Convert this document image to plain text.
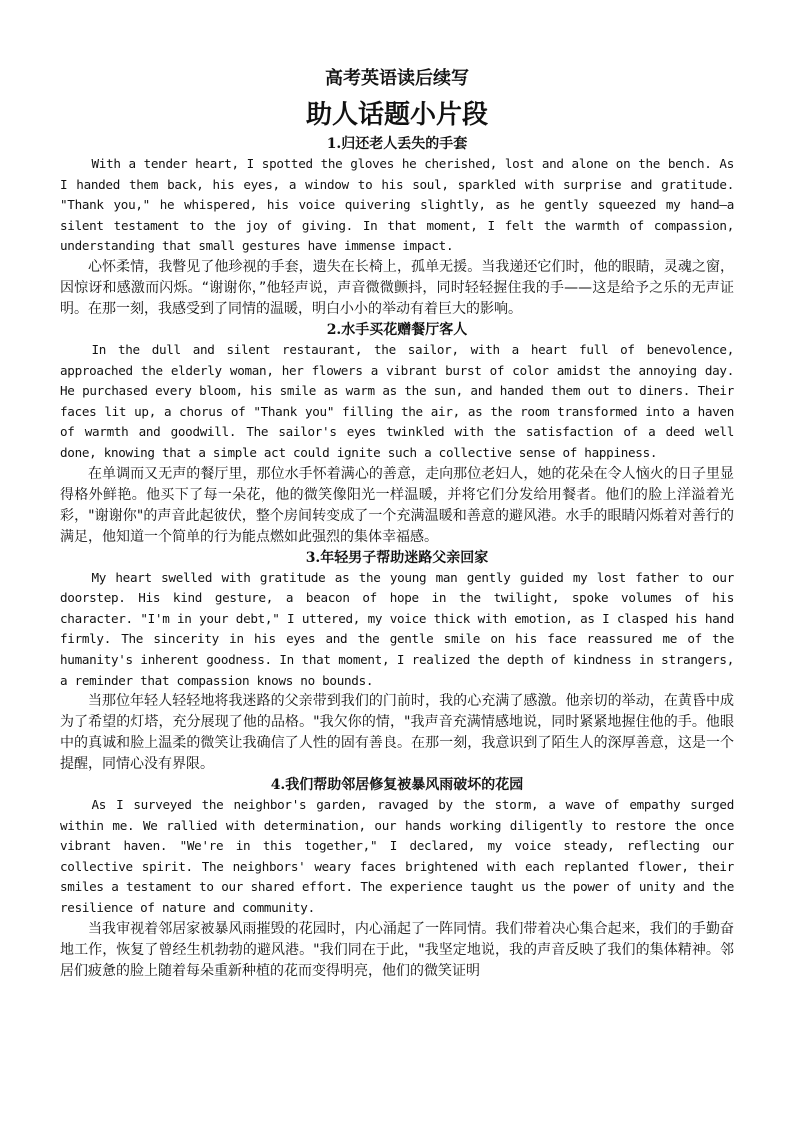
高考英语读后续写
助人话题小片段
1.归还老人丢失的手套

With a tender heart, I spotted the gloves he cherished, lost and alone on the bench. As I handed them back, his eyes, a window to his soul, sparkled with surprise and gratitude. "Thank you," he whispered, his voice quivering slightly, as he gently squeezed my hand—a silent testament to the joy of giving. In that moment, I felt the warmth of compassion, understanding that small gestures have immense impact.

心怀柔情，我瞥见了他珍视的手套，遗失在长椅上，孤单无援。当我递还它们时，他的眼睛，灵魂之窗，因惊讶和感激而闪烁。“谢谢你，”他轻声说，声音微微颤抖，同时轻轻握住我的手——这是给予之乐的无声证明。在那一刻，我感受到了同情的温暖，明白小小的举动有着巨大的影响。

2.水手买花赠餐厅客人

In the dull and silent restaurant, the sailor, with a heart full of benevolence, approached the elderly woman, her flowers a vibrant burst of color amidst the annoying day. He purchased every bloom, his smile as warm as the sun, and handed them out to diners. Their faces lit up, a chorus of "Thank you" filling the air, as the room transformed into a haven of warmth and goodwill. The sailor's eyes twinkled with the satisfaction of a deed well done, knowing that a simple act could ignite such a collective sense of happiness.

在单调而又无声的餐厅里，那位水手怀着满心的善意，走向那位老妇人，她的花朵在令人恼火的日子里显得格外鲜艳。他买下了每一朵花，他的微笑像阳光一样温暖，并将它们分发给用餐者。他们的脸上洋溢着光彩，"谢谢你"的声音此起彼伏，整个房间转变成了一个充满温暖和善意的避风港。水手的眼睛闪烁着对善行的满足，他知道一个简单的行为能点燃如此强烈的集体幸福感。

3.年轻男子帮助迷路父亲回家

My heart swelled with gratitude as the young man gently guided my lost father to our doorstep. His kind gesture, a beacon of hope in the twilight, spoke volumes of his character. "I'm in your debt," I uttered, my voice thick with emotion, as I clasped his hand firmly. The sincerity in his eyes and the gentle smile on his face reassured me of the humanity's inherent goodness. In that moment, I realized the depth of kindness in strangers, a reminder that compassion knows no bounds.

当那位年轻人轻轻地将我迷路的父亲带到我们的门前时，我的心充满了感激。他亲切的举动，在黄昏中成为了希望的灯塔，充分展现了他的品格。"我欠你的情，"我声音充满情感地说，同时紧紧地握住他的手。他眼中的真诚和脸上温柔的微笑让我确信了人性的固有善良。在那一刻，我意识到了陌生人的深厚善意，这是一个提醒，同情心没有界限。

4.我们帮助邻居修复被暴风雨破坏的花园

As I surveyed the neighbor's garden, ravaged by the storm, a wave of empathy surged within me. We rallied with determination, our hands working diligently to restore the once vibrant haven. "We're in this together," I declared, my voice steady, reflecting our collective spirit. The neighbors' weary faces brightened with each replanted flower, their smiles a testament to our shared effort. The experience taught us the power of unity and the resilience of nature and community.

当我审视着邻居家被暴风雨摧毁的花园时，内心涌起了一阵同情。我们带着决心集合起来，我们的手勤奋地工作，恢复了曾经生机勃勃的避风港。"我们同在于此，"我坚定地说，我的声音反映了我们的集体精神。邻居们疲惫的脸上随着每朵重新种植的花而变得明亮，他们的微笑证明
